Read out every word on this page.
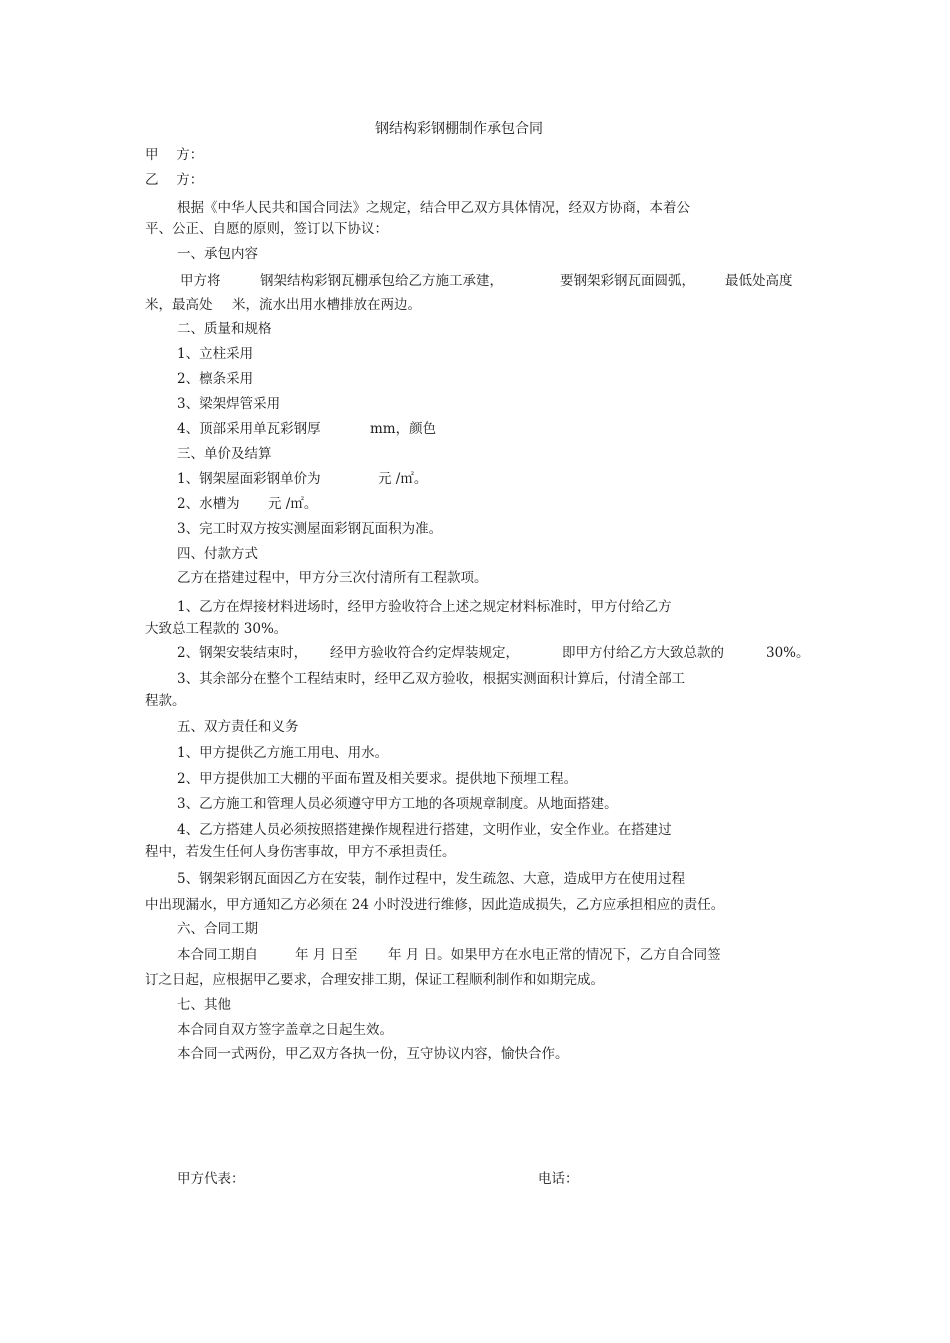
钢结构彩钢棚制作承包合同
甲　 方：
乙　 方：
根据《中华人民共和国合同法》之规定，结合甲乙双方具体情况，经双方协商，本着公
平、公正、自愿的原则，签订以下协议：
一、承包内容
甲方将	钢架结构彩钢瓦棚承包给乙方施工承建，	要钢架彩钢瓦面圆弧， 最低处高度
米，最高处 米，流水出用水槽排放在两边。
二、质量和规格
1、立柱采用
2、檩条采用
3、梁架焊管采用
4、顶部采用单瓦彩钢厚	mm，颜色
三、单价及结算
1、钢架屋面彩钢单价为	元 /㎡。
2、水槽为 元 /㎡。
3、完工时双方按实测屋面彩钢瓦面积为准。
四、付款方式
乙方在搭建过程中，甲方分三次付清所有工程款项。
1、乙方在焊接材料进场时，经甲方验收符合上述之规定材料标准时，甲方付给乙方
大致总工程款的 30%。
2、钢架安装结束时， 经甲方验收符合约定焊装规定，	即甲方付给乙方大致总款的	30%。
3、其余部分在整个工程结束时，经甲乙双方验收，根据实测面积计算后，付清全部工
程款。
五、双方责任和义务
1、甲方提供乙方施工用电、用水。
2、甲方提供加工大棚的平面布置及相关要求。提供地下预埋工程。
3、乙方施工和管理人员必须遵守甲方工地的各项规章制度。从地面搭建。
4、乙方搭建人员必须按照搭建操作规程进行搭建，文明作业，安全作业。在搭建过
程中，若发生任何人身伤害事故，甲方不承担责任。
5、钢架彩钢瓦面因乙方在安装，制作过程中，发生疏忽、大意，造成甲方在使用过程
中出现漏水，甲方通知乙方必须在 24 小时没进行维修，因此造成损失，乙方应承担相应的责任。
六、合同工期
本合同工期自	年 月 日至 年 月 日。如果甲方在水电正常的情况下，乙方自合同签
订之日起，应根据甲乙要求，合理安排工期，保证工程顺利制作和如期完成。
七、其他
本合同自双方签字盖章之日起生效。
本合同一式两份，甲乙双方各执一份，互守协议内容，愉快合作。
甲方代表：	电话：
